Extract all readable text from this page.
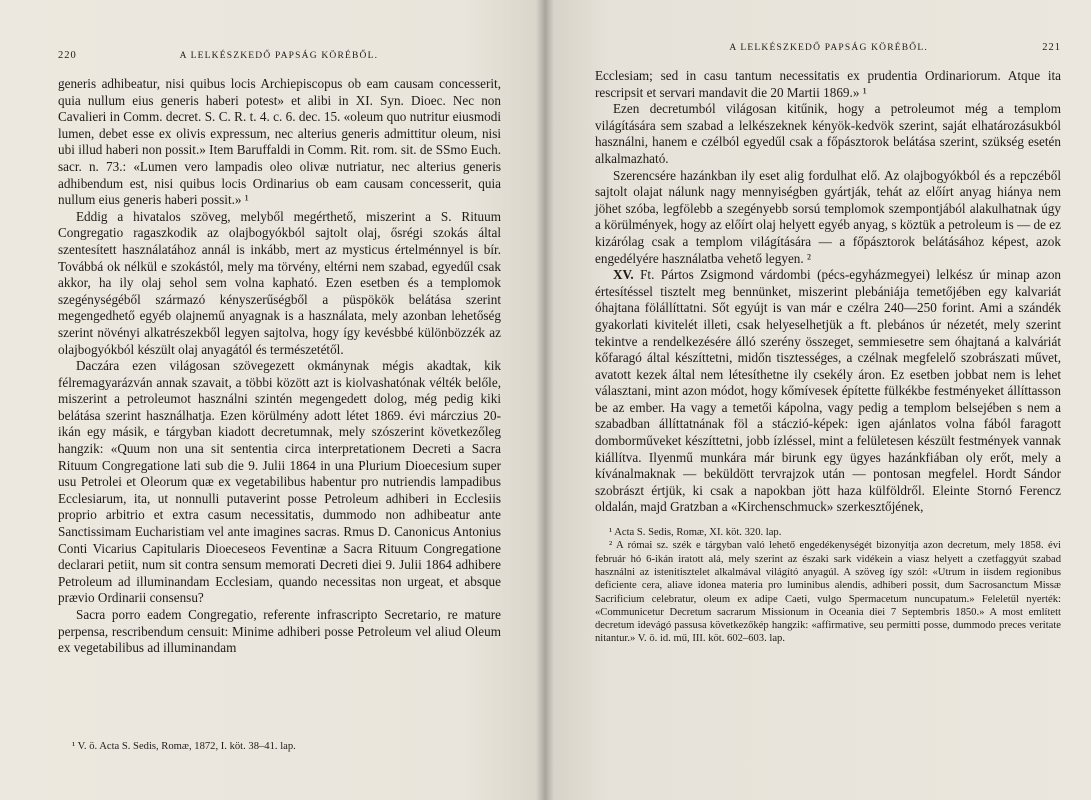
220	A LELKÉSZKEDŐ PAPSÁG KÖRÉBŐL.

generis adhibeatur, nisi quibus locis Archiepiscopus ob eam causam concesserit, quia nullum eius generis haberi potest» et alibi in XI. Syn. Dioec. Nec non Cavalieri in Comm. decret. S. C. R. t. 4. c. 6. dec. 15. «oleum quo nutritur eiusmodi lumen, debet esse ex olivis expressum, nec alterius generis admittitur oleum, nisi ubi illud haberi non possit.» Item Baruffaldi in Comm. Rit. rom. sit. de SSmo Euch. sacr. n. 73.: «Lumen vero lampadis oleo olivæ nutriatur, nec alterius generis adhibendum est, nisi quibus locis Ordinarius ob eam causam concesserit, quia nullum eius generis haberi possit.» ¹

Eddig a hivatalos szöveg, melyből megérthető, miszerint a S. Rituum Congregatio ragaszkodik az olajbogyókból sajtolt olaj, ősrégi szokás által szentesített használatához annál is inkább, mert az mysticus értelménnyel is bír. Továbbá ok nélkül e szokástól, mely ma törvény, eltérni nem szabad, egyedűl csak akkor, ha ily olaj sehol sem volna kapható. Ezen esetben és a templomok szegénységéből származó kényszerűségből a püspökök belátása szerint megengedhető egyéb olajnemű anyagnak is a használata, mely azonban lehetőség szerint növényi alkatrészekből legyen sajtolva, hogy így kevésbbé különbözzék az olajbogyókból készült olaj anyagától és természetétől.

Daczára ezen világosan szövegezett okmánynak mégis akadtak, kik félremagyarázván annak szavait, a többi között azt is kiolvashatónak vélték belőle, miszerint a petroleumot használni szintén megengedett dolog, még pedig kiki belátása szerint használhatja. Ezen körülmény adott létet 1869. évi márczius 20-ikán egy másik, e tárgyban kiadott decretumnak, mely szószerint következőleg hangzik: «Quum non una sit sententia circa interpretationem Decreti a Sacra Rituum Congregatione lati sub die 9. Julii 1864 in una Plurium Dioecesium super usu Petrolei et Oleorum quæ ex vegetabilibus habentur pro nutriendis lampadibus Ecclesiarum, ita, ut nonnulli putaverint posse Petroleum adhiberi in Ecclesiis proprio arbitrio et extra casum necessitatis, dummodo non adhibeatur ante Sanctissimam Eucharistiam vel ante imagines sacras. Rmus D. Canonicus Antonius Conti Vicarius Capitularis Dioeceseos Feventinæ a Sacra Rituum Congregatione declarari petiit, num sit contra sensum memorati Decreti diei 9. Julii 1864 adhibere Petroleum ad illuminandam Ecclesiam, quando necessitas non urgeat, et absque prævio Ordinarii consensu?

Sacra porro eadem Congregatio, referente infrascripto Secretario, re mature perpensa, rescribendum censuit: Minime adhiberi posse Petroleum vel aliud Oleum ex vegetabilibus ad illuminandam

¹ V. ö. Acta S. Sedis, Romæ, 1872, I. köt. 38–41. lap.

A LELKÉSZKEDŐ PAPSÁG KÖRÉBŐL.	221

Ecclesiam; sed in casu tantum necessitatis ex prudentia Ordinariorum. Atque ita rescripsit et servari mandavit die 20 Martii 1869.» ¹

Ezen decretumból világosan kitűnik, hogy a petroleumot még a templom világítására sem szabad a lelkészeknek kényök-kedvök szerint, saját elhatározásukból használni, hanem e czélból egyedűl csak a főpásztorok belátása szerint, szükség esetén alkalmazható.

Szerencsére hazánkban ily eset alig fordulhat elő. Az olajbogyókból és a repczéből sajtolt olajat nálunk nagy mennyiségben gyártják, tehát az előírt anyag hiánya nem jöhet szóba, legfölebb a szegényebb sorsú templomok szempontjából alakulhatnak úgy a körülmények, hogy az előírt olaj helyett egyéb anyag, s köztük a petroleum is — de ez kizárólag csak a templom világítására — a főpásztorok belátásához képest, azok engedélyére használatba vehető legyen. ²

XV. Ft. Pártos Zsigmond várdombi (pécs-egyházmegyei) lelkész úr minap azon értesítéssel tisztelt meg bennünket, miszerint plebániája temetőjében egy kalvariát óhajtana fölállíttatni. Sőt egyújt is van már e czélra 240—250 forint. Ami a szándék gyakorlati kivitelét illeti, csak helyeselhetjük a ft. plebános úr nézetét, mely szerint tekintve a rendelkezésére álló szerény összeget, semmiesetre sem óhajtaná a kalváriát kőfaragó által készíttetni, midőn tisztességes, a czélnak megfelelő szobrászati művet, avatott kezek által nem létesíthetne ily csekély áron. Ez esetben jobbat nem is lehet választani, mint azon módot, hogy kőmívesek építette fülkékbe festményeket állíttasson be az ember. Ha vagy a temetői kápolna, vagy pedig a templom belsejében s nem a szabadban állíttatnának föl a stáczió-képek: igen ajánlatos volna fából faragott domborműveket készíttetni, jobb ízléssel, mint a felületesen készült festmények vannak kiállítva. Ilyenmű munkára már birunk egy ügyes hazánkfiában oly erőt, mely a kívánalmaknak — beküldött tervrajzok után — pontosan megfelel. Hordt Sándor szobrászt értjük, ki csak a napokban jött haza külföldről. Eleinte Stornó Ferencz oldalán, majd Gratzban a «Kirchenschmuck» szerkesztőjének,

¹ Acta S. Sedis, Romæ, XI. köt. 320. lap.

² A római sz. szék e tárgyban való lehető engedékenységét bizonyítja azon decretum, mely 1858. évi február hó 6-ikán iratott alá, mely szerint az északi sark vidékein a viasz helyett a czetfaggyút szabad használni az istenitisztelet alkalmával világító anyagúl. A szöveg így szól: «Utrum in iisdem regionibus deficiente cera, aliave idonea materia pro luminibus alendis, adhiberi possit, dum Sacrosanctum Missæ Sacrificium celebratur, oleum ex adipe Caeti, vulgo Spermacetum nuncupatum.» Feleletűl nyerték: «Communicetur Decretum sacrarum Missionum in Oceania diei 7 Septembris 1850.» A most említett decretum idevágó passusa következőkép hangzik: «affirmative, seu permitti posse, dummodo preces veritate nitantur.» V. ö. id. mű, III. köt. 602–603. lap.
